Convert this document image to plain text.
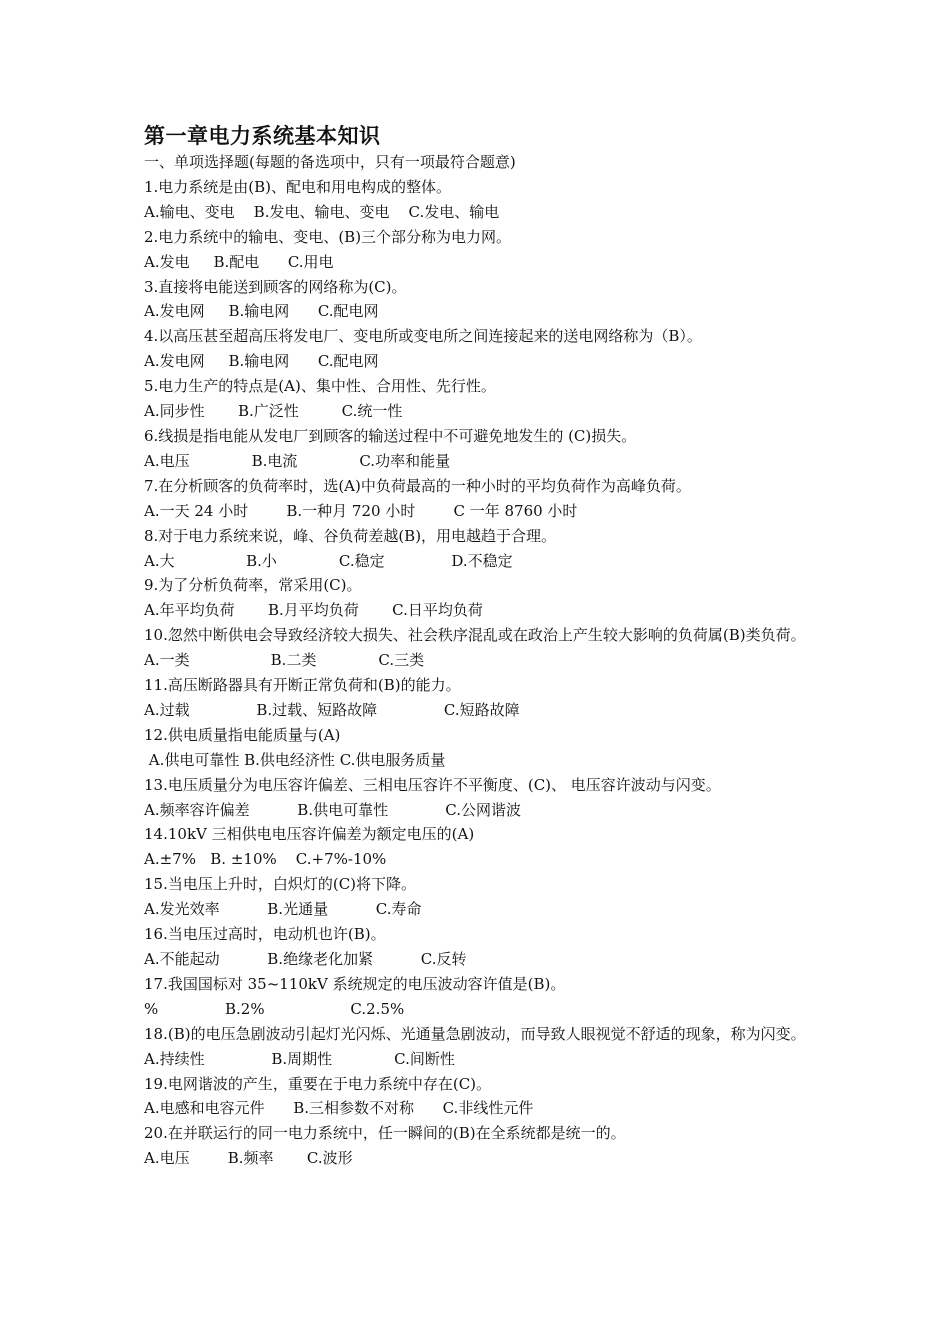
第一章电力系统基本知识

一、单项选择题(每题的备选项中，只有一项最符合题意)

1.电力系统是由(B)、配电和用电构成的整体。

A.输电、变电    B.发电、输电、变电    C.发电、输电

2.电力系统中的输电、变电、(B)三个部分称为电力网。

A.发电     B.配电      C.用电

3.直接将电能送到顾客的网络称为(C)。

A.发电网     B.输电网      C.配电网

4.以高压甚至超高压将发电厂、变电所或变电所之间连接起来的送电网络称为（B）。

A.发电网     B.输电网      C.配电网

5.电力生产的特点是(A)、集中性、合用性、先行性。

A.同步性       B.广泛性         C.统一性

6.线损是指电能从发电厂到顾客的输送过程中不可避免地发生的 (C)损失。

A.电压             B.电流             C.功率和能量

7.在分析顾客的负荷率时，选(A)中负荷最高的一种小时的平均负荷作为高峰负荷。

A.一天 24 小时        B.一种月 720 小时        C 一年 8760 小时

8.对于电力系统来说，峰、谷负荷差越(B)，用电越趋于合理。

A.大               B.小             C.稳定              D.不稳定

9.为了分析负荷率，常采用(C)。

A.年平均负荷       B.月平均负荷       C.日平均负荷

10.忽然中断供电会导致经济较大损失、社会秩序混乱或在政治上产生较大影响的负荷属(B)类负荷。

A.一类                 B.二类             C.三类

11.高压断路器具有开断正常负荷和(B)的能力。

A.过载              B.过载、短路故障              C.短路故障

12.供电质量指电能质量与(A)

A.供电可靠性 B.供电经济性 C.供电服务质量

13.电压质量分为电压容许偏差、三相电压容许不平衡度、(C)、 电压容许波动与闪变。

A.频率容许偏差          B.供电可靠性            C.公网谐波

14.10kV 三相供电电压容许偏差为额定电压的(A)

A.±7%   B. ±10%    C.+7%-10%

15.当电压上升时，白炽灯的(C)将下降。

A.发光效率          B.光通量          C.寿命

16.当电压过高时，电动机也许(B)。

A.不能起动          B.绝缘老化加紧          C.反转

17.我国国标对 35~110kV 系统规定的电压波动容许值是(B)。

%              B.2%                  C.2.5%

18.(B)的电压急剧波动引起灯光闪烁、光通量急剧波动，而导致人眼视觉不舒适的现象，称为闪变。

A.持续性              B.周期性             C.间断性

19.电网谐波的产生，重要在于电力系统中存在(C)。

A.电感和电容元件      B.三相参数不对称      C.非线性元件

20.在并联运行的同一电力系统中，任一瞬间的(B)在全系统都是统一的。

A.电压        B.频率       C.波形
